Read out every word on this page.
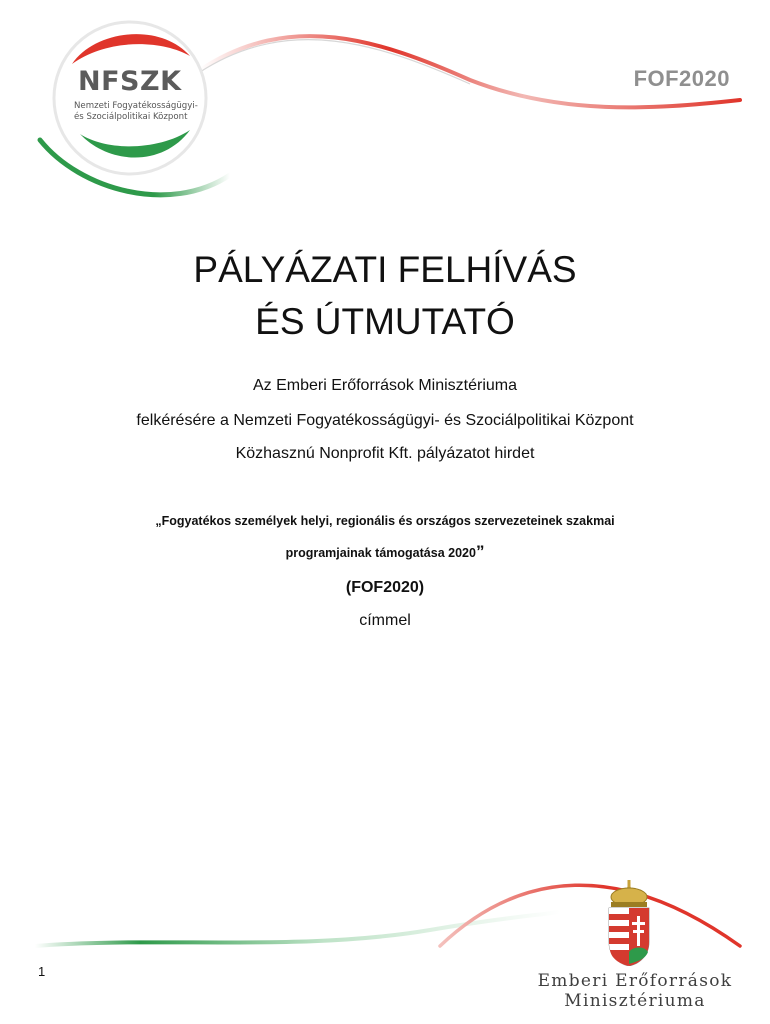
NFSZK
Nemzeti Fogyatékosságügyi-
és Szociálpolitikai Központ
FOF2020
PÁLYÁZATI FELHÍVÁS
ÉS ÚTMUTATÓ
Az Emberi Erőforrások Minisztériuma
felkérésére a Nemzeti Fogyatékosságügyi- és Szociálpolitikai Központ
Közhasznú Nonprofit Kft. pályázatot hirdet
„Fogyatékos személyek helyi, regionális és országos szervezeteinek szakmai
programjainak támogatása 2020”
(FOF2020)
címmel
Emberi Erőforrások
Minisztériuma
1
